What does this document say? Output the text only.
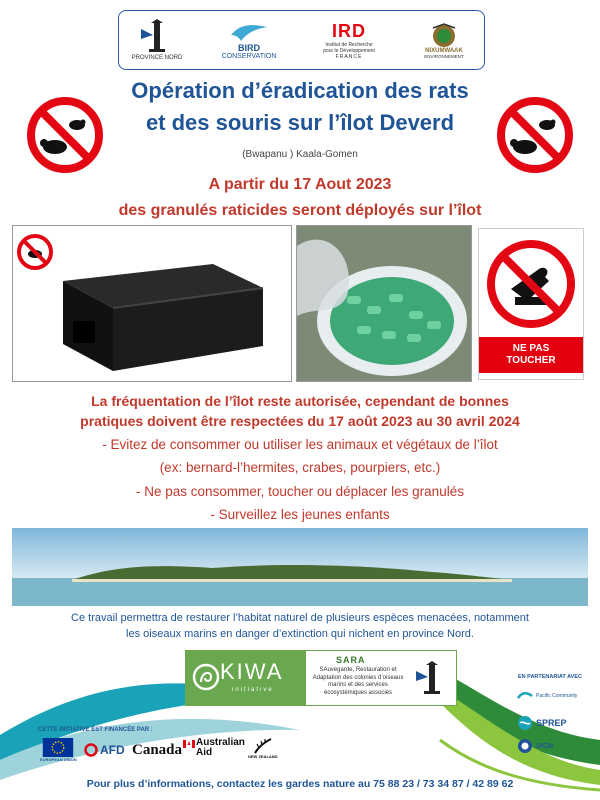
PROVINCE NORD
BIRD
CONSERVATION
IRD
Institut de Recherche pour le Développement
FRANCE
NIXUMWAAK
ENVIRONNEMENT
Opération d’éradication des rats
et des souris sur l’îlot Deverd
(Bwapanu ) Kaala-Gomen
A partir du 17 Aout 2023
des granulés raticides seront déployés sur l’îlot
NE PAS
TOUCHER
La fréquentation de l’îlot reste autorisée, cependant de bonnes
pratiques doivent être respectées du 17 août 2023 au 30 avril 2024
- Evitez de consommer ou utiliser les animaux et végétaux de l’îlot
(ex: bernard-l’hermites, crabes, pourpiers, etc.)
- Ne pas consommer, toucher ou déplacer les granulés
- Surveillez les jeunes enfants
Ce travail permettra de restaurer l’habitat naturel de plusieurs espèces menacées, notamment
les oiseaux marins en danger d’extinction qui nichent en province Nord.
KIWA
initiative
SARA
SAuvegarde, Restauration et Adaptation des colonies d’oiseaux marins et des services écosystémiques associés
CETTE INITIATIVE EST FINANCÉE PAR :
EUROPEAN UNION
AFD Canada Australian
Aid	NEW ZEALAND
EN PARTENARIAT AVEC
Pacific Community
SPREP
UICN
Pour plus d’informations, contactez les gardes nature au 75 88 23 / 73 34 87 / 42 89 62
